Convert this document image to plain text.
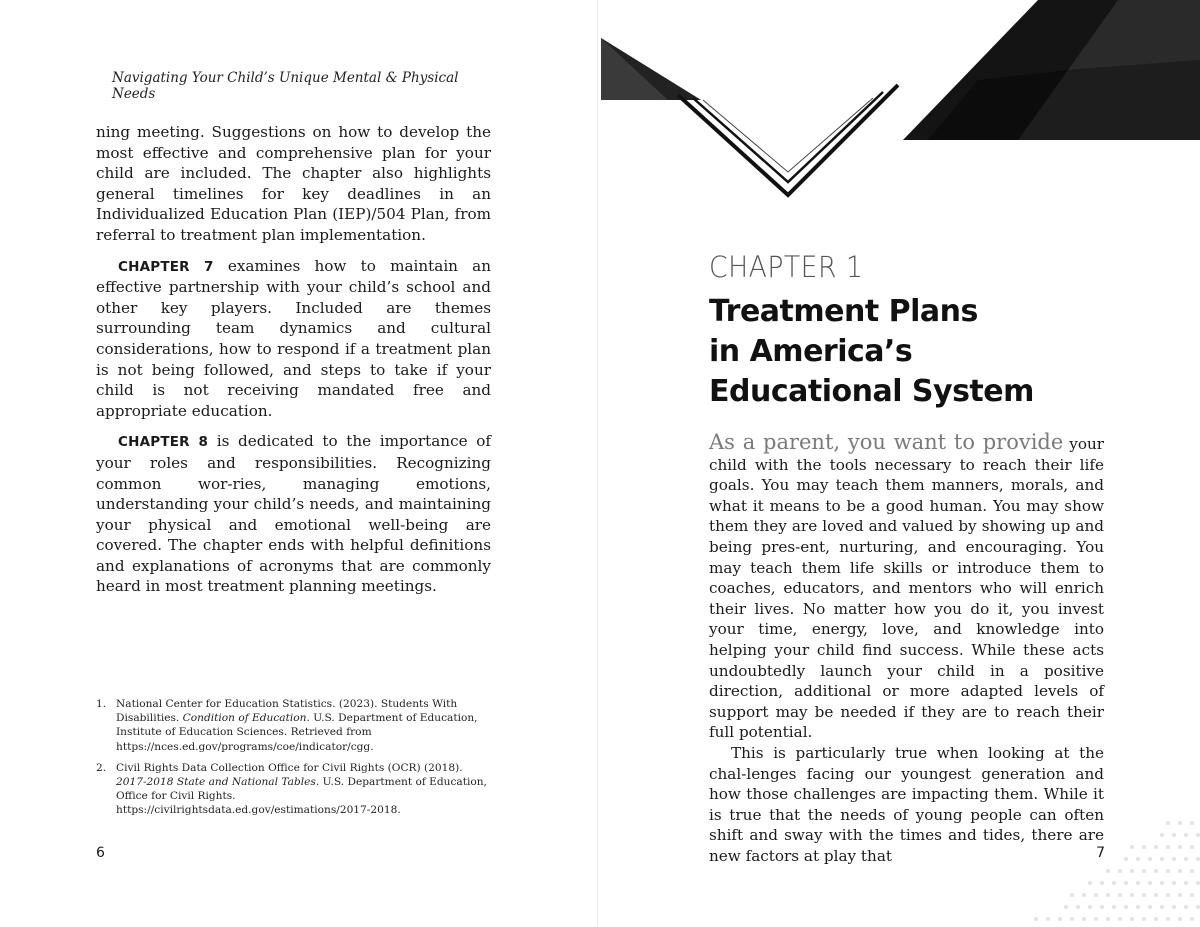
Navigating Your Child’s Unique Mental & Physical Needs

ning meeting. Suggestions on how to develop the most effective and comprehensive plan for your child are included. The chapter also highlights general timelines for key deadlines in an Individualized Education Plan (IEP)/504 Plan, from referral to treatment plan implementation.

CHAPTER 7 examines how to maintain an effective partnership with your child’s school and other key players. Included are themes surrounding team dynamics and cultural considerations, how to respond if a treatment plan is not being followed, and steps to take if your child is not receiving mandated free and appropriate education.

CHAPTER 8 is dedicated to the importance of your roles and responsibilities. Recognizing common wor-ries, managing emotions, understanding your child’s needs, and maintaining your physical and emotional well-being are covered. The chapter ends with helpful definitions and explanations of acronyms that are commonly heard in most treatment planning meetings.

1. National Center for Education Statistics. (2023). Students With Disabilities. Condition of Education. U.S. Department of Education, Institute of Education Sciences. Retrieved from https://nces.ed.gov/programs/coe/indicator/cgg.
2. Civil Rights Data Collection Office for Civil Rights (OCR) (2018). 2017-2018 State and National Tables. U.S. Department of Education, Office for Civil Rights. https://civilrightsdata.ed.gov/estimations/2017-2018.
6
CHAPTER 1
Treatment Plans
in America’s
Educational System

As a parent, you want to provide your child with the tools necessary to reach their life goals. You may teach them manners, morals, and what it means to be a good human. You may show them they are loved and valued by showing up and being pres-ent, nurturing, and encouraging. You may teach them life skills or introduce them to coaches, educators, and mentors who will enrich their lives. No matter how you do it, you invest your time, energy, love, and knowledge into helping your child find success. While these acts undoubtedly launch your child in a positive direction, additional or more adapted levels of support may be needed if they are to reach their full potential.

This is particularly true when looking at the chal-lenges facing our youngest generation and how those challenges are impacting them. While it is true that the needs of young people can often shift and sway with the times and tides, there are new factors at play that	7
